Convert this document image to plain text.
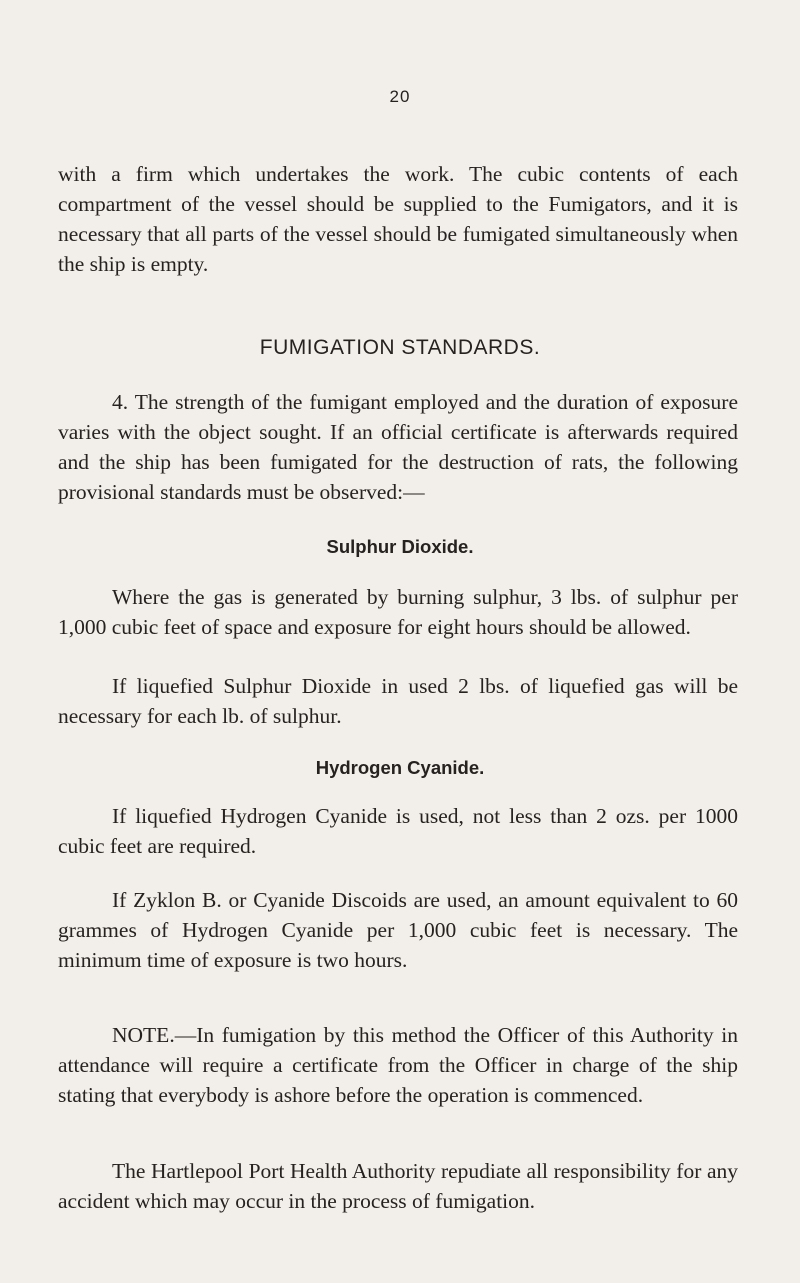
20

with a firm which undertakes the work. The cubic contents of each compartment of the vessel should be supplied to the Fumigators, and it is necessary that all parts of the vessel should be fumigated simultaneously when the ship is empty.

FUMIGATION STANDARDS.

4. The strength of the fumigant employed and the duration of exposure varies with the object sought. If an official certificate is afterwards required and the ship has been fumigated for the destruction of rats, the following provisional standards must be observed:—

Sulphur Dioxide.

Where the gas is generated by burning sulphur, 3 lbs. of sulphur per 1,000 cubic feet of space and exposure for eight hours should be allowed.

If liquefied Sulphur Dioxide in used 2 lbs. of liquefied gas will be necessary for each lb. of sulphur.

Hydrogen Cyanide.

If liquefied Hydrogen Cyanide is used, not less than 2 ozs. per 1000 cubic feet are required.

If Zyklon B. or Cyanide Discoids are used, an amount equivalent to 60 grammes of Hydrogen Cyanide per 1,000 cubic feet is necessary. The minimum time of exposure is two hours.

NOTE.—In fumigation by this method the Officer of this Authority in attendance will require a certificate from the Officer in charge of the ship stating that everybody is ashore before the operation is commenced.

The Hartlepool Port Health Authority repudiate all responsibility for any accident which may occur in the process of fumigation.
